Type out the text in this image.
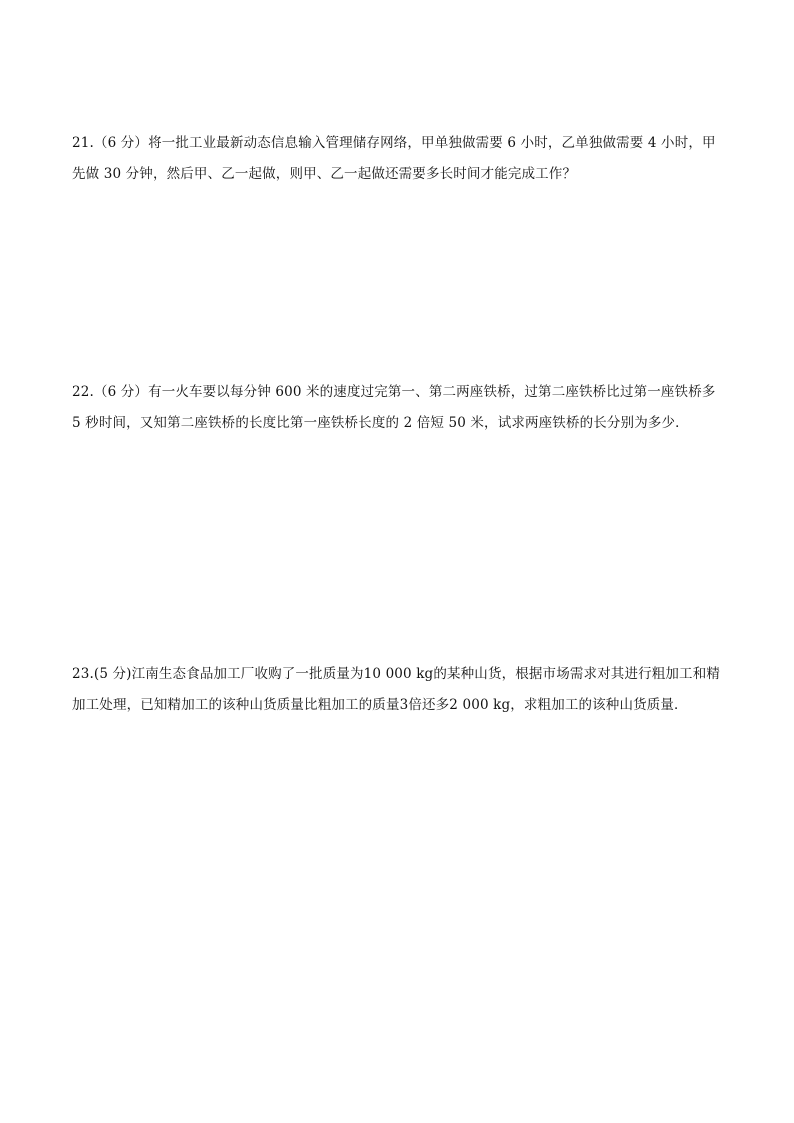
21.（6 分）将一批工业最新动态信息输入管理储存网络，甲单独做需要 6 小时，乙单独做需要 4 小时，甲
先做 30 分钟，然后甲、乙一起做，则甲、乙一起做还需要多长时间才能完成工作？
22.（6 分）有一火车要以每分钟 600 米的速度过完第一、第二两座铁桥，过第二座铁桥比过第一座铁桥多
5 秒时间，又知第二座铁桥的长度比第一座铁桥长度的 2 倍短 50 米，试求两座铁桥的长分别为多少．
23.(5 分)江南生态食品加工厂收购了一批质量为10 000 kg的某种山货，根据市场需求对其进行粗加工和精
加工处理，已知精加工的该种山货质量比粗加工的质量3倍还多2 000 kg，求粗加工的该种山货质量．
